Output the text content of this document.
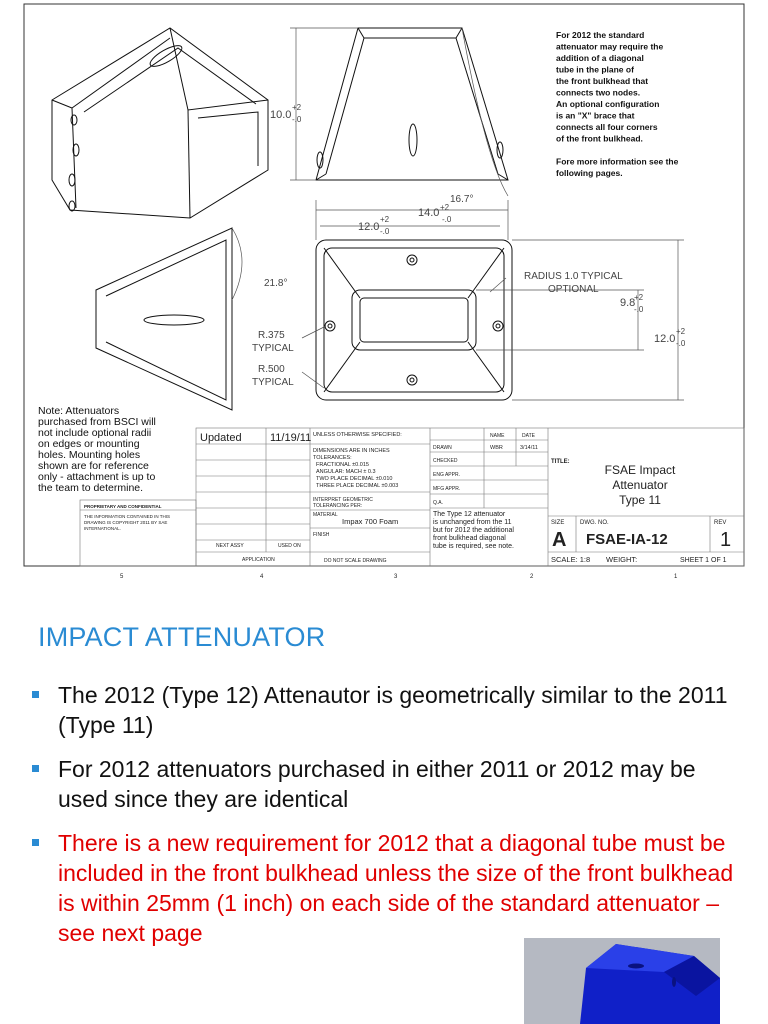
For 2012 the standard attenuator may require the addition of a diagonal tube in the plane of the front bulkhead that connects two nodes. An optional configuration is an "X" brace that connects all four corners of the front bulkhead. Fore more information see the following pages.
Note: Attenuators purchased from BSCI will not include optional radii on edges or mounting holes. Mounting holes shown are for reference only - attachment is up to the team to determine.
10.0
+2
-.0
16.7°
14.0 +2
-.0
12.0
+2
-.0
21.8°
R.375
TYPICAL
R.500
TYPICAL
RADIUS 1.0 TYPICAL
OPTIONAL
9.8
+2
-.0
12.0
+2
-.0
Updated	11/19/11 UNLESS OTHERWISE SPECIFIED:
DIMENSIONS ARE IN INCHES
TOLERANCES:
FRACTIONAL ±0.015
ANGULAR: MACH ± 0.3
TWO PLACE DECIMAL ±0.010
THREE PLACE DECIMAL ±0.003
INTERPRET GEOMETRIC
TOLERANCING PER:
MATERIAL
Impax 700 Foam
FINISH
DO NOT SCALE DRAWING
NAME	DATE
DRAWN	WBR	3/14/11
CHECKED
ENG APPR.
MFG APPR.
Q.A.
The Type 12 attenuator is unchanged from the 11 but for 2012 the additional front bulkhead diagonal tube is required, see note.
TITLE:
FSAE Impact
Attenuator
Type 11
SIZE	DWG. NO.	REV
A FSAE-IA-12	1
SCALE: 1:8 WEIGHT:	SHEET 1 OF 1
PROPRIETARY AND CONFIDENTIAL
THE INFORMATION CONTAINED IN THIS DRAWING IS COPYRIGHT 2011 BY SAE INTERNATIONAL.
NEXT ASSY	USED ON
APPLICATION
5	4	3	2	1
IMPACT ATTENUATOR
The 2012 (Type 12) Attenautor is geometrically similar to the 2011 (Type 11)
For 2012 attenuators purchased in either 2011 or 2012 may be used since they are identical
There is a new requirement for 2012 that a diagonal tube must be included in the front bulkhead unless the size of the front bulkhead is within 25mm (1 inch) on each side of the standard attenuator – see next page
